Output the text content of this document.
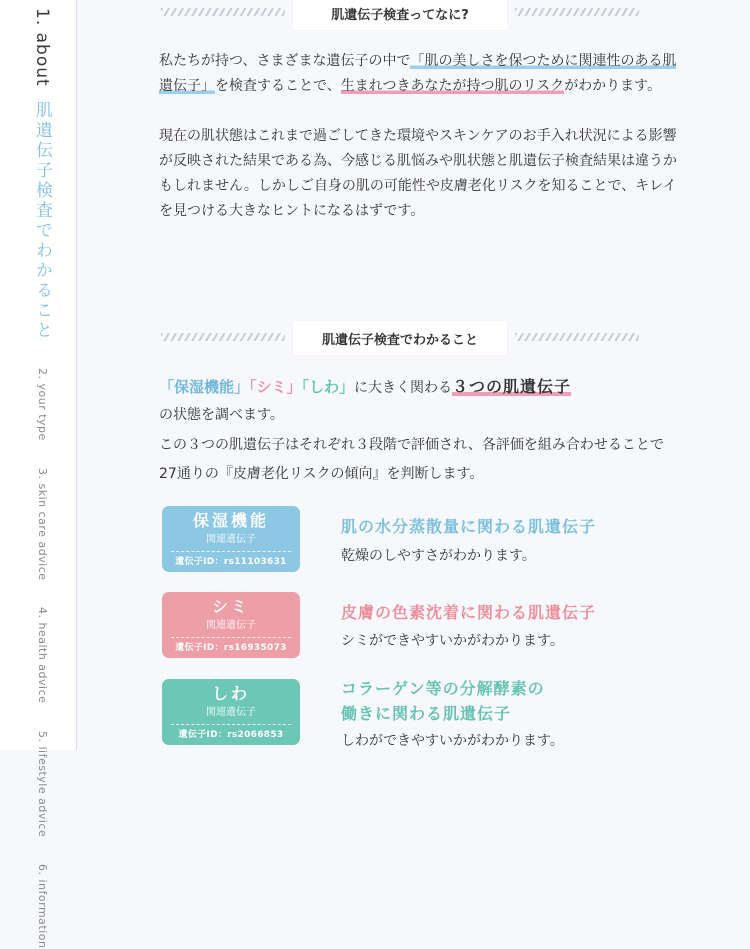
1. about肌遺伝子検査でわかること 2. your type 3. skin care advice 4. health advice 5. lifestyle advice 6. information
肌遺伝子検査ってなに?
私たちが持つ、さまざまな遺伝子の中で「肌の美しさを保つために関連性のある肌遺伝子」を検査することで、生まれつきあなたが持つ肌のリスクがわかります。
現在の肌状態はこれまで過ごしてきた環境やスキンケアのお手入れ状況による影響が反映された結果である為、今感じる肌悩みや肌状態と肌遺伝子検査結果は違うかもしれません。しかしご自身の肌の可能性や皮膚老化リスクを知ることで、キレイを見つける大きなヒントになるはずです。
肌遺伝子検査でわかること
「保湿機能」「シミ」「しわ」に大きく関わる３つの肌遺伝子
の状態を調べます。
この３つの肌遺伝子はそれぞれ３段階で評価され、各評価を組み合わせることで27通りの『皮膚老化リスクの傾向』を判断します。
保湿機能
関連遺伝子
遺伝子ID：rs11103631
肌の水分蒸散量に関わる肌遺伝子
乾燥のしやすさがわかります。
シミ
関連遺伝子
遺伝子ID：rs16935073
皮膚の色素沈着に関わる肌遺伝子
シミができやすいかがわかります。
しわ
関連遺伝子
遺伝子ID：rs2066853
コラーゲン等の分解酵素の
働きに関わる肌遺伝子
しわができやすいかがわかります。
